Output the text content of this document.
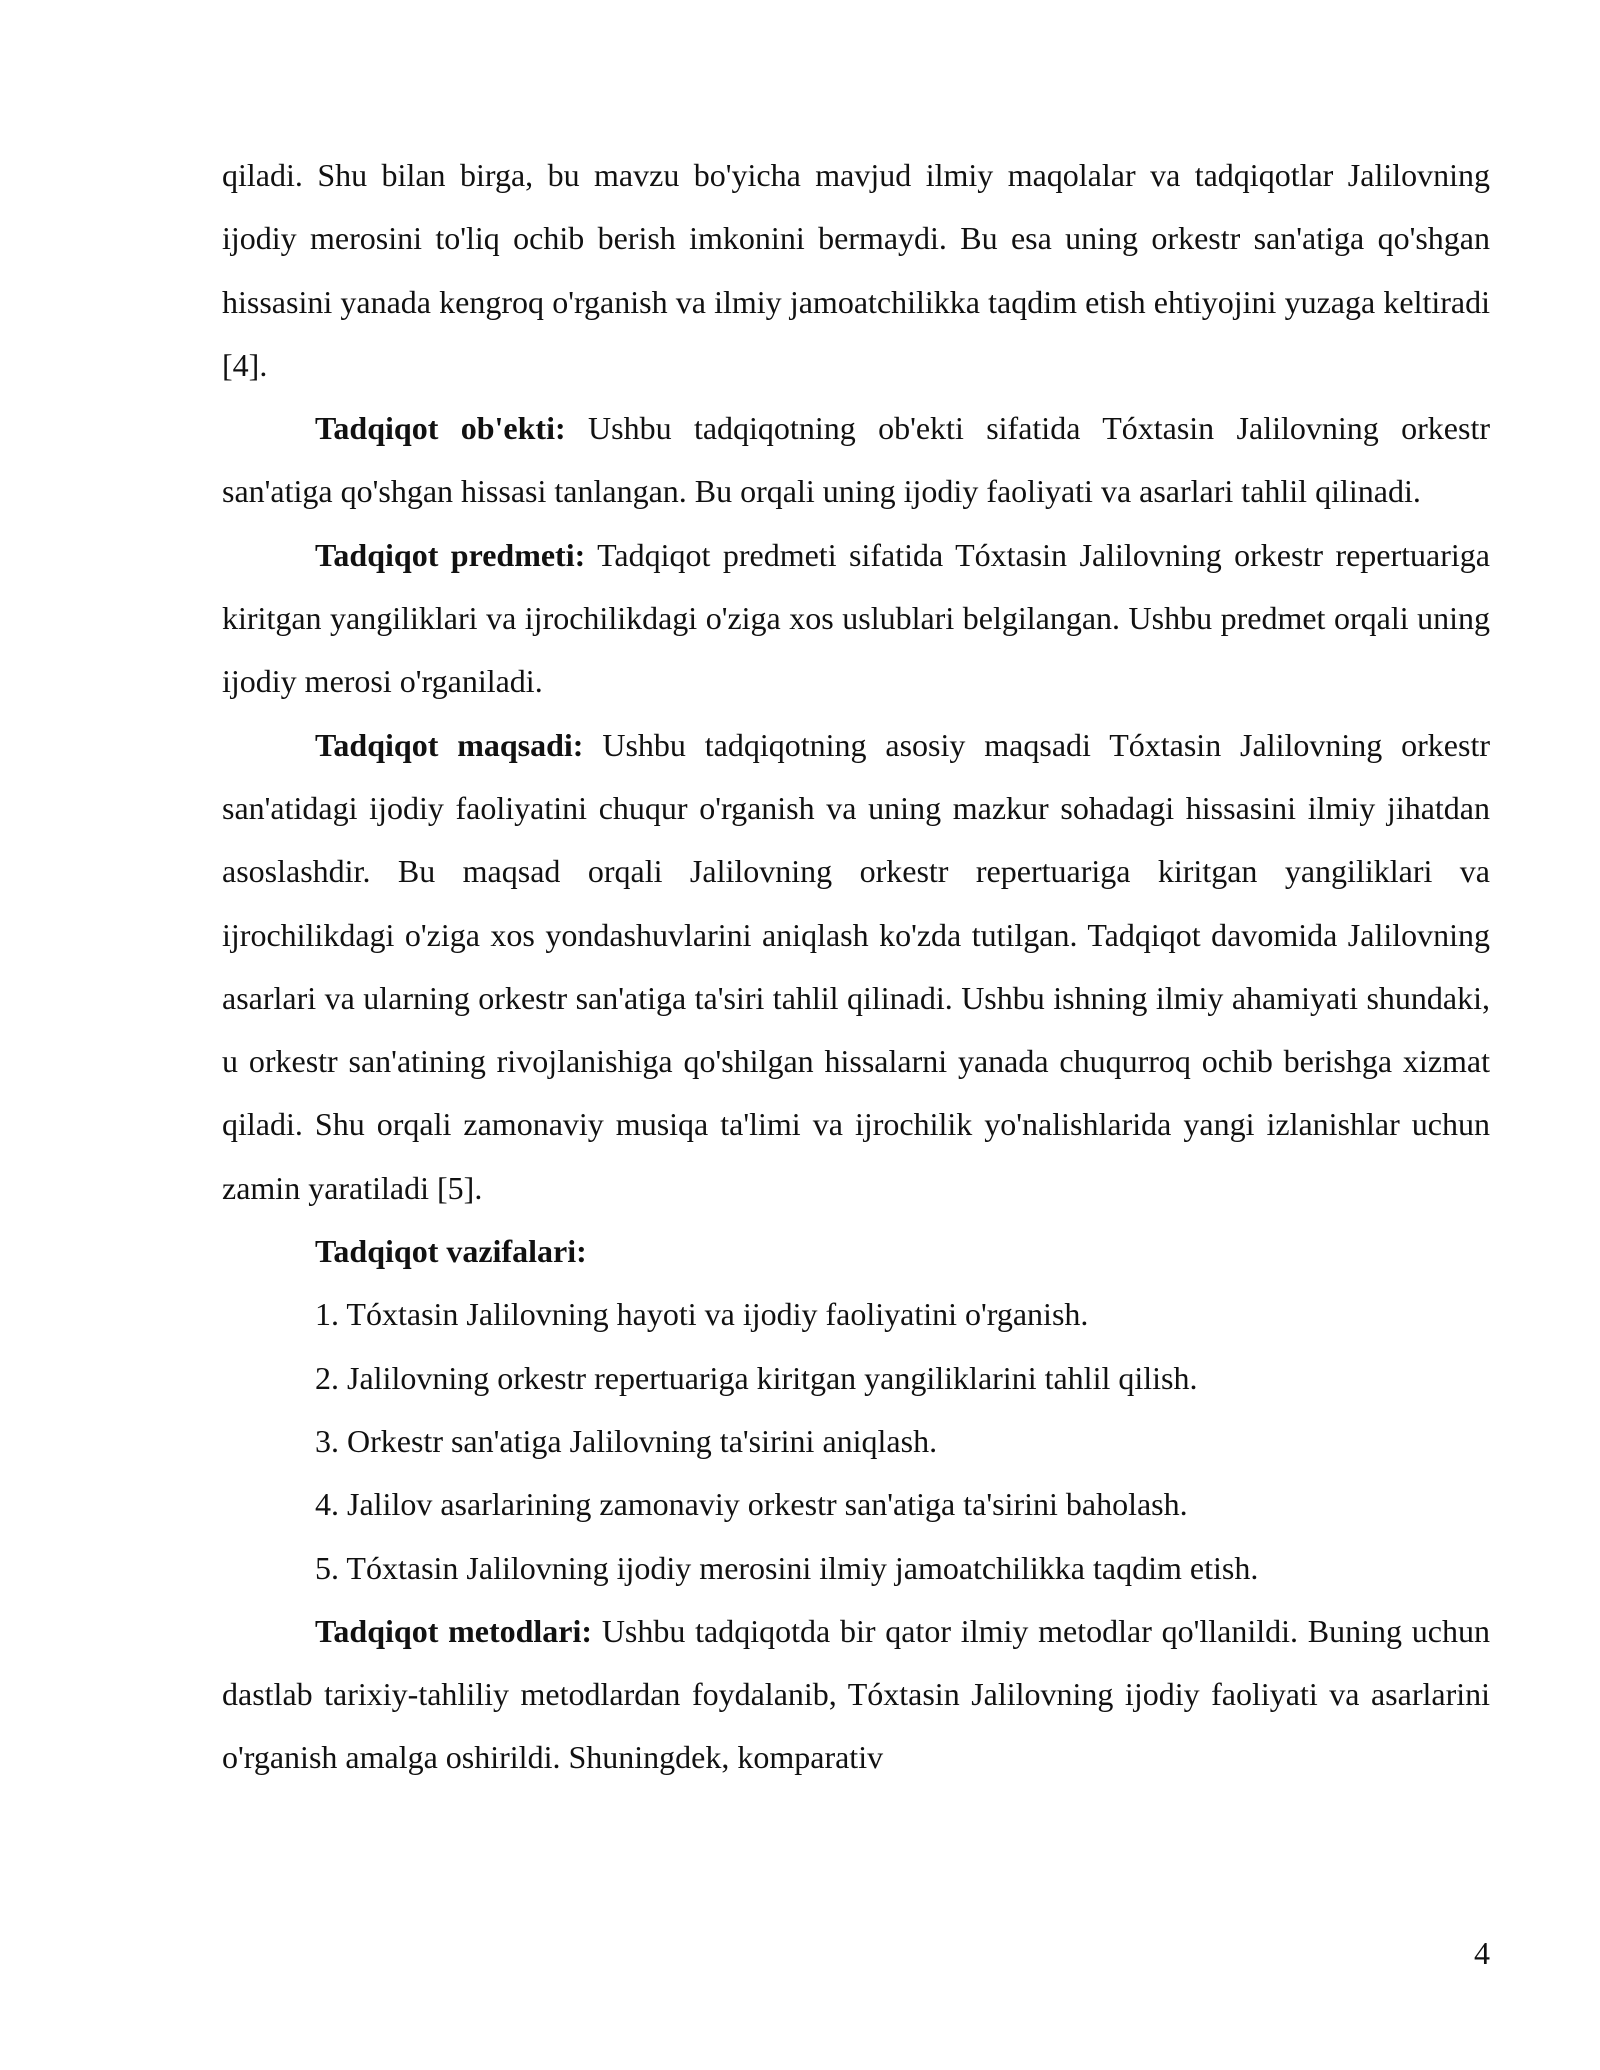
qiladi. Shu bilan birga, bu mavzu bo'yicha mavjud ilmiy maqolalar va tadqiqotlar Jalilovning ijodiy merosini to'liq ochib berish imkonini bermaydi. Bu esa uning orkestr san'atiga qo'shgan hissasini yanada kengroq o'rganish va ilmiy jamoatchilikka taqdim etish ehtiyojini yuzaga keltiradi [4].

Tadqiqot ob'ekti: Ushbu tadqiqotning ob'ekti sifatida Tóxtasin Jalilovning orkestr san'atiga qo'shgan hissasi tanlangan. Bu orqali uning ijodiy faoliyati va asarlari tahlil qilinadi.

Tadqiqot predmeti: Tadqiqot predmeti sifatida Tóxtasin Jalilovning orkestr repertuariga kiritgan yangiliklari va ijrochilikdagi o'ziga xos uslublari belgilangan. Ushbu predmet orqali uning ijodiy merosi o'rganiladi.

Tadqiqot maqsadi: Ushbu tadqiqotning asosiy maqsadi Tóxtasin Jalilovning orkestr san'atidagi ijodiy faoliyatini chuqur o'rganish va uning mazkur sohadagi hissasini ilmiy jihatdan asoslashdir. Bu maqsad orqali Jalilovning orkestr repertuariga kiritgan yangiliklari va ijrochilikdagi o'ziga xos yondashuvlarini aniqlash ko'zda tutilgan. Tadqiqot davomida Jalilovning asarlari va ularning orkestr san'atiga ta'siri tahlil qilinadi. Ushbu ishning ilmiy ahamiyati shundaki, u orkestr san'atining rivojlanishiga qo'shilgan hissalarni yanada chuqurroq ochib berishga xizmat qiladi. Shu orqali zamonaviy musiqa ta'limi va ijrochilik yo'nalishlarida yangi izlanishlar uchun zamin yaratiladi [5].

Tadqiqot vazifalari:

1. Tóxtasin Jalilovning hayoti va ijodiy faoliyatini o'rganish.

2. Jalilovning orkestr repertuariga kiritgan yangiliklarini tahlil qilish.

3. Orkestr san'atiga Jalilovning ta'sirini aniqlash.

4. Jalilov asarlarining zamonaviy orkestr san'atiga ta'sirini baholash.

5. Tóxtasin Jalilovning ijodiy merosini ilmiy jamoatchilikka taqdim etish.

Tadqiqot metodlari: Ushbu tadqiqotda bir qator ilmiy metodlar qo'llanildi. Buning uchun dastlab tarixiy-tahliliy metodlardan foydalanib, Tóxtasin Jalilovning ijodiy faoliyati va asarlarini o'rganish amalga oshirildi. Shuningdek, komparativ

4
